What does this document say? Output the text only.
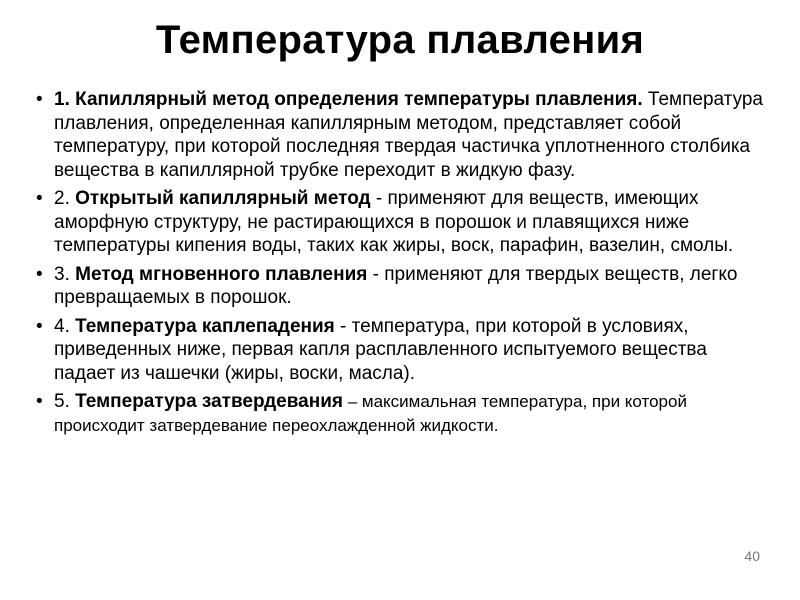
Температура плавления
• 1. Капиллярный метод определения температуры плавления. Температура плавления, определенная капиллярным методом, представляет собой температуру, при которой последняя твердая частичка уплотненного столбика вещества в капиллярной трубке переходит в жидкую фазу.
• 2. Открытый капиллярный метод - применяют для веществ, имеющих аморфную структуру, не растирающихся в порошок и плавящихся ниже температуры кипения воды, таких как жиры, воск, парафин, вазелин, смолы.
• 3. Метод мгновенного плавления - применяют для твердых веществ, легко превращаемых в порошок.
• 4. Температура каплепадения - температура, при которой в условиях, приведенных ниже, первая капля расплавленного испытуемого вещества падает из чашечки (жиры, воски, масла).
• 5. Температура затвердевания – максимальная температура, при которой происходит затвердевание переохлажденной жидкости.
40
